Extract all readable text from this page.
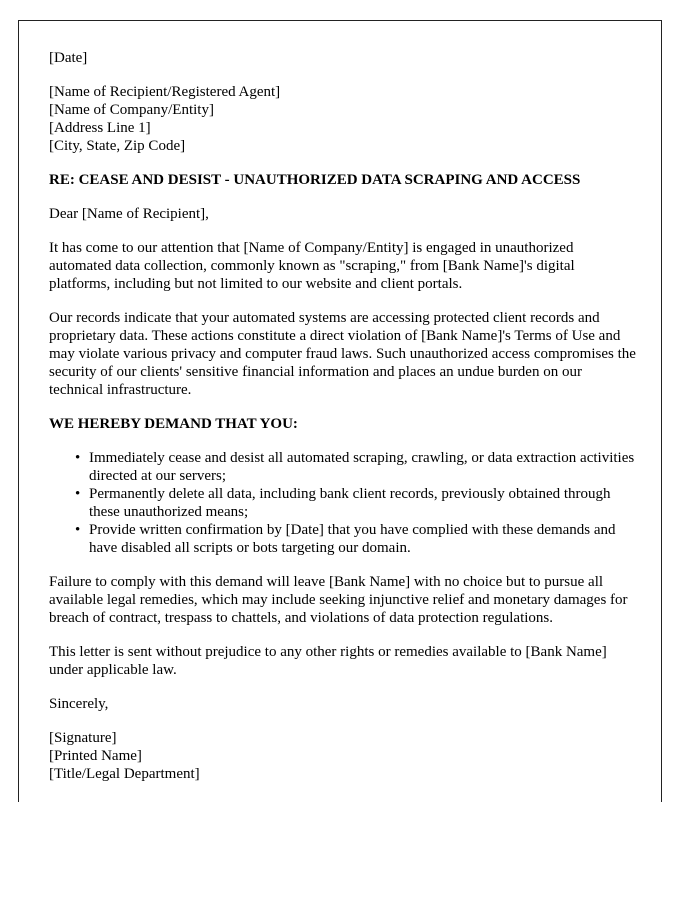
[Date]

[Name of Recipient/Registered Agent]
[Name of Company/Entity]
[Address Line 1]
[City, State, Zip Code]

RE: CEASE AND DESIST - UNAUTHORIZED DATA SCRAPING AND ACCESS

Dear [Name of Recipient],

It has come to our attention that [Name of Company/Entity] is engaged in unauthorized automated data collection, commonly known as "scraping," from [Bank Name]'s digital platforms, including but not limited to our website and client portals.

Our records indicate that your automated systems are accessing protected client records and proprietary data. These actions constitute a direct violation of [Bank Name]'s Terms of Use and may violate various privacy and computer fraud laws. Such unauthorized access compromises the security of our clients' sensitive financial information and places an undue burden on our technical infrastructure.

WE HEREBY DEMAND THAT YOU:

• Immediately cease and desist all automated scraping, crawling, or data extraction activities directed at our servers;
• Permanently delete all data, including bank client records, previously obtained through these unauthorized means;
• Provide written confirmation by [Date] that you have complied with these demands and have disabled all scripts or bots targeting our domain.

Failure to comply with this demand will leave [Bank Name] with no choice but to pursue all available legal remedies, which may include seeking injunctive relief and monetary damages for breach of contract, trespass to chattels, and violations of data protection regulations.

This letter is sent without prejudice to any other rights or remedies available to [Bank Name] under applicable law.

Sincerely,

[Signature]
[Printed Name]
[Title/Legal Department]
